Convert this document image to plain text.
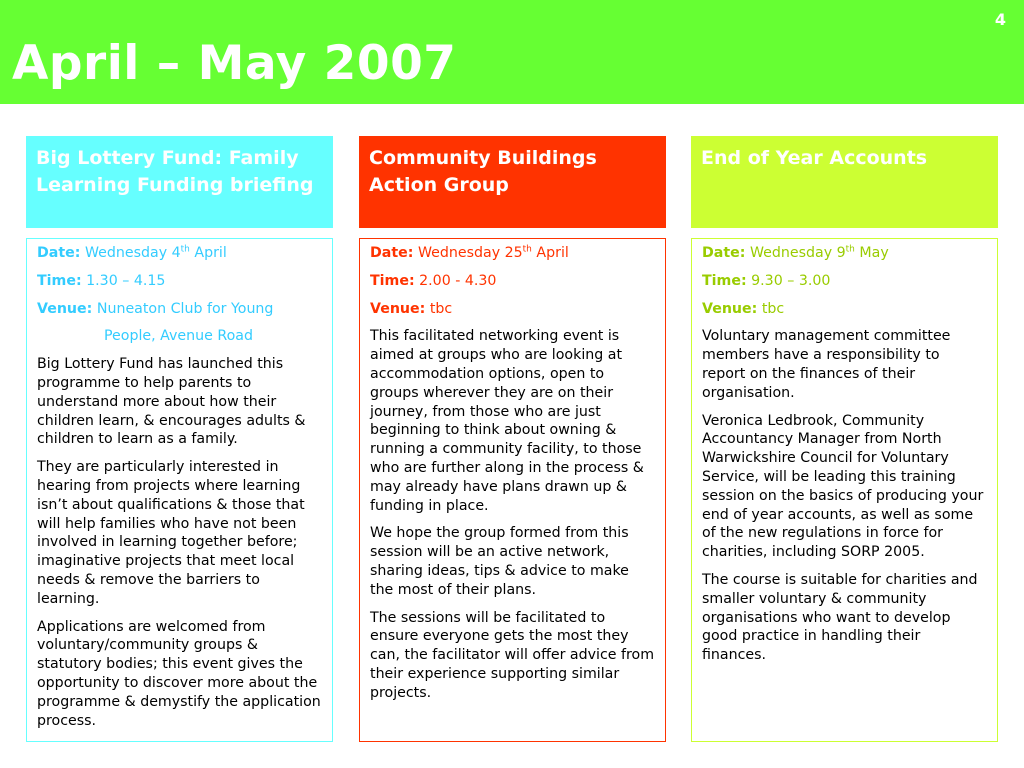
4
April – May 2007
Big Lottery Fund: Family Learning Funding briefing
Date: Wednesday 4th April
Time: 1.30 – 4.15
Venue: Nuneaton Club for Young
People, Avenue Road

Big Lottery Fund has launched this programme to help parents to understand more about how their children learn, & encourages adults & children to learn as a family.

They are particularly interested in hearing from projects where learning isn’t about qualifications & those that will help families who have not been involved in learning together before; imaginative projects that meet local needs & remove the barriers to learning.

Applications are welcomed from voluntary/community groups & statutory bodies; this event gives the opportunity to discover more about the programme & demystify the application process.

Community Buildings Action Group
Date: Wednesday 25th April
Time: 2.00 - 4.30
Venue: tbc

This facilitated networking event is aimed at groups who are looking at accommodation options, open to groups wherever they are on their journey, from those who are just beginning to think about owning & running a community facility, to those who are further along in the process & may already have plans drawn up & funding in place.

We hope the group formed from this session will be an active network, sharing ideas, tips & advice to make the most of their plans.

The sessions will be facilitated to ensure everyone gets the most they can, the facilitator will offer advice from their experience supporting similar projects.

End of Year Accounts
Date: Wednesday 9th May
Time: 9.30 – 3.00
Venue: tbc

Voluntary management committee members have a responsibility to report on the finances of their organisation.

Veronica Ledbrook, Community Accountancy Manager from North Warwickshire Council for Voluntary Service, will be leading this training session on the basics of producing your end of year accounts, as well as some of the new regulations in force for charities, including SORP 2005.

The course is suitable for charities and smaller voluntary & community organisations who want to develop good practice in handling their finances.
